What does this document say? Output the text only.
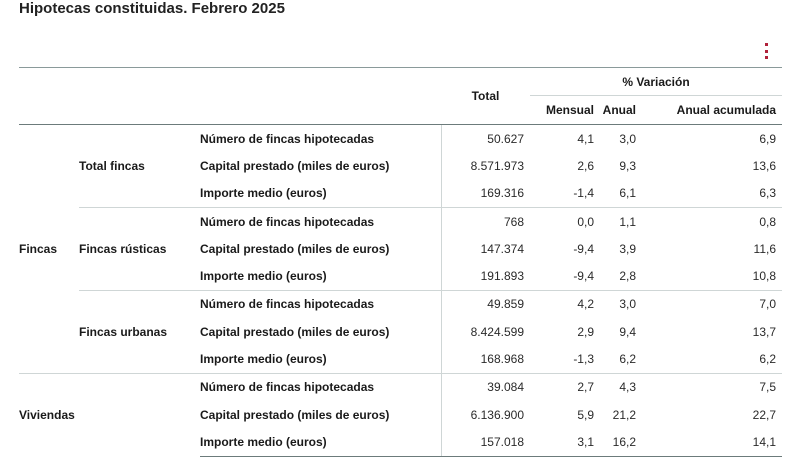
Hipotecas constituidas. Febrero 2025
			Total	% Variación		
				Mensual	Anual	Anual acumulada
Fincas	Total fincas	Número de fincas hipotecadas	50.627	4,1	3,0	6,9
		Capital prestado (miles de euros)	8.571.973	2,6	9,3	13,6
		Importe medio (euros)	169.316	-1,4	6,1	6,3
	Fincas rústicas	Número de fincas hipotecadas	768	0,0	1,1	0,8
		Capital prestado (miles de euros)	147.374	-9,4	3,9	11,6
		Importe medio (euros)	191.893	-9,4	2,8	10,8
	Fincas urbanas	Número de fincas hipotecadas	49.859	4,2	3,0	7,0
		Capital prestado (miles de euros)	8.424.599	2,9	9,4	13,7
		Importe medio (euros)	168.968	-1,3	6,2	6,2
Viviendas		Número de fincas hipotecadas	39.084	2,7	4,3	7,5
		Capital prestado (miles de euros)	6.136.900	5,9	21,2	22,7
		Importe medio (euros)	157.018	3,1	16,2	14,1
